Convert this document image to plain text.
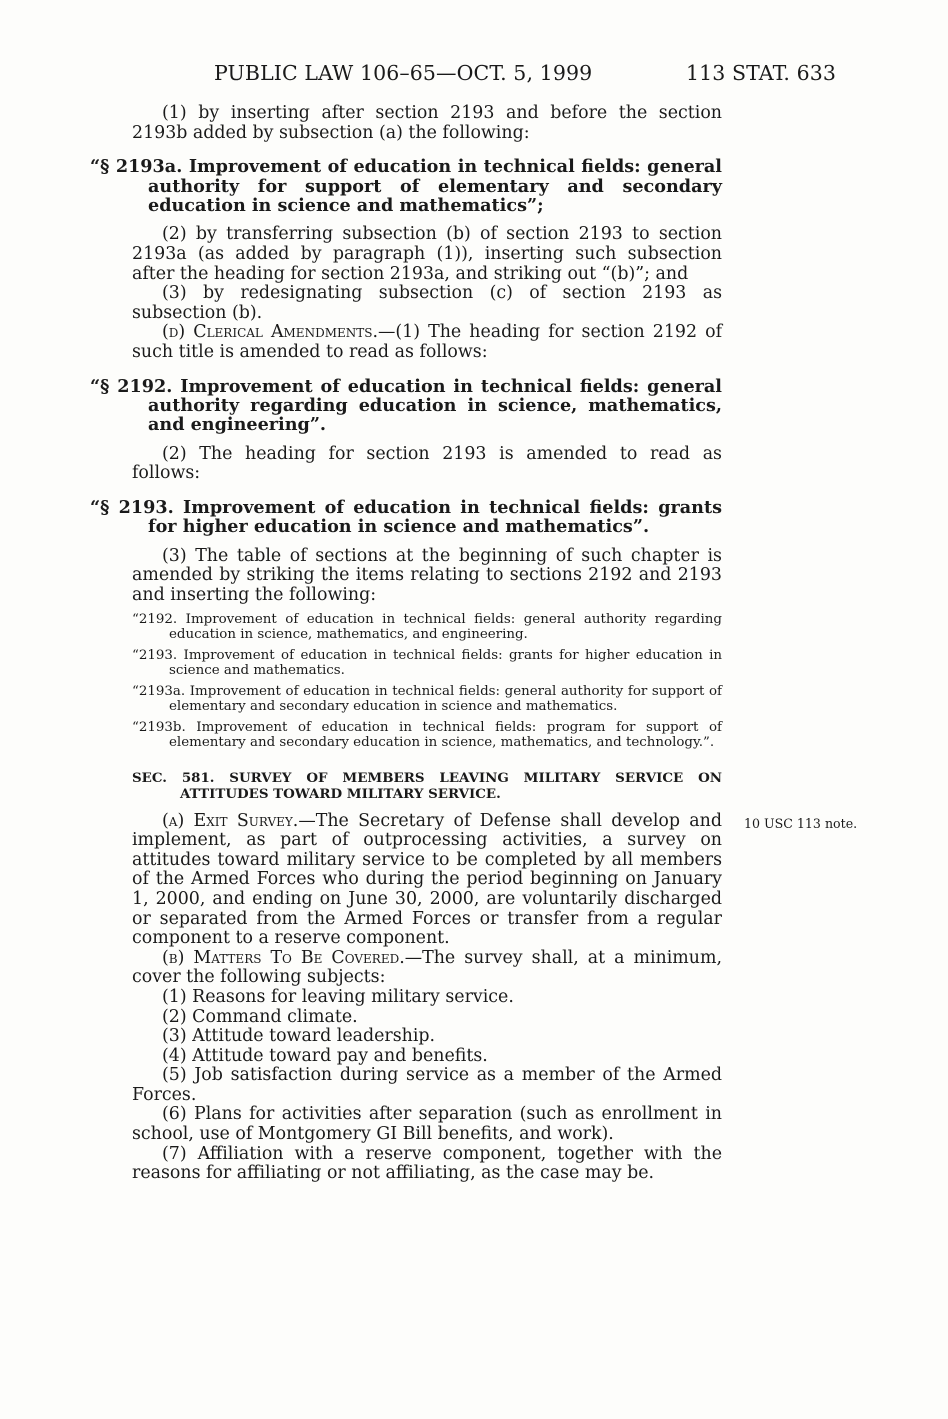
PUBLIC LAW 106–65—OCT. 5, 1999	113 STAT. 633
10 USC 113 note.

(1) by inserting after section 2193 and before the section 2193b added by subsection (a) the following:

“§ 2193a. Improvement of education in technical fields: general authority for support of elementary and secondary education in science and mathematics”;

(2) by transferring subsection (b) of section 2193 to section 2193a (as added by paragraph (1)), inserting such subsection after the heading for section 2193a, and striking out “(b)”; and

(3) by redesignating subsection (c) of section 2193 as subsection (b).

(d) Clerical Amendments.—(1) The heading for section 2192 of such title is amended to read as follows:

“§ 2192. Improvement of education in technical fields: general authority regarding education in science, mathematics, and engineering”.

(2) The heading for section 2193 is amended to read as follows:

“§ 2193. Improvement of education in technical fields: grants for higher education in science and mathematics”.

(3) The table of sections at the beginning of such chapter is amended by striking the items relating to sections 2192 and 2193 and inserting the following:

“2192. Improvement of education in technical fields: general authority regarding education in science, mathematics, and engineering.

“2193. Improvement of education in technical fields: grants for higher education in science and mathematics.

“2193a. Improvement of education in technical fields: general authority for support of elementary and secondary education in science and mathematics.

“2193b. Improvement of education in technical fields: program for support of elementary and secondary education in science, mathematics, and technology.”.

SEC. 581. SURVEY OF MEMBERS LEAVING MILITARY SERVICE ON ATTITUDES TOWARD MILITARY SERVICE.

(a) Exit Survey.—The Secretary of Defense shall develop and implement, as part of outprocessing activities, a survey on attitudes toward military service to be completed by all members of the Armed Forces who during the period beginning on January 1, 2000, and ending on June 30, 2000, are voluntarily discharged or separated from the Armed Forces or transfer from a regular component to a reserve component.

(b) Matters To Be Covered.—The survey shall, at a minimum, cover the following subjects:

(1) Reasons for leaving military service.

(2) Command climate.

(3) Attitude toward leadership.

(4) Attitude toward pay and benefits.

(5) Job satisfaction during service as a member of the Armed Forces.

(6) Plans for activities after separation (such as enrollment in school, use of Montgomery GI Bill benefits, and work).

(7) Affiliation with a reserve component, together with the reasons for affiliating or not affiliating, as the case may be.
